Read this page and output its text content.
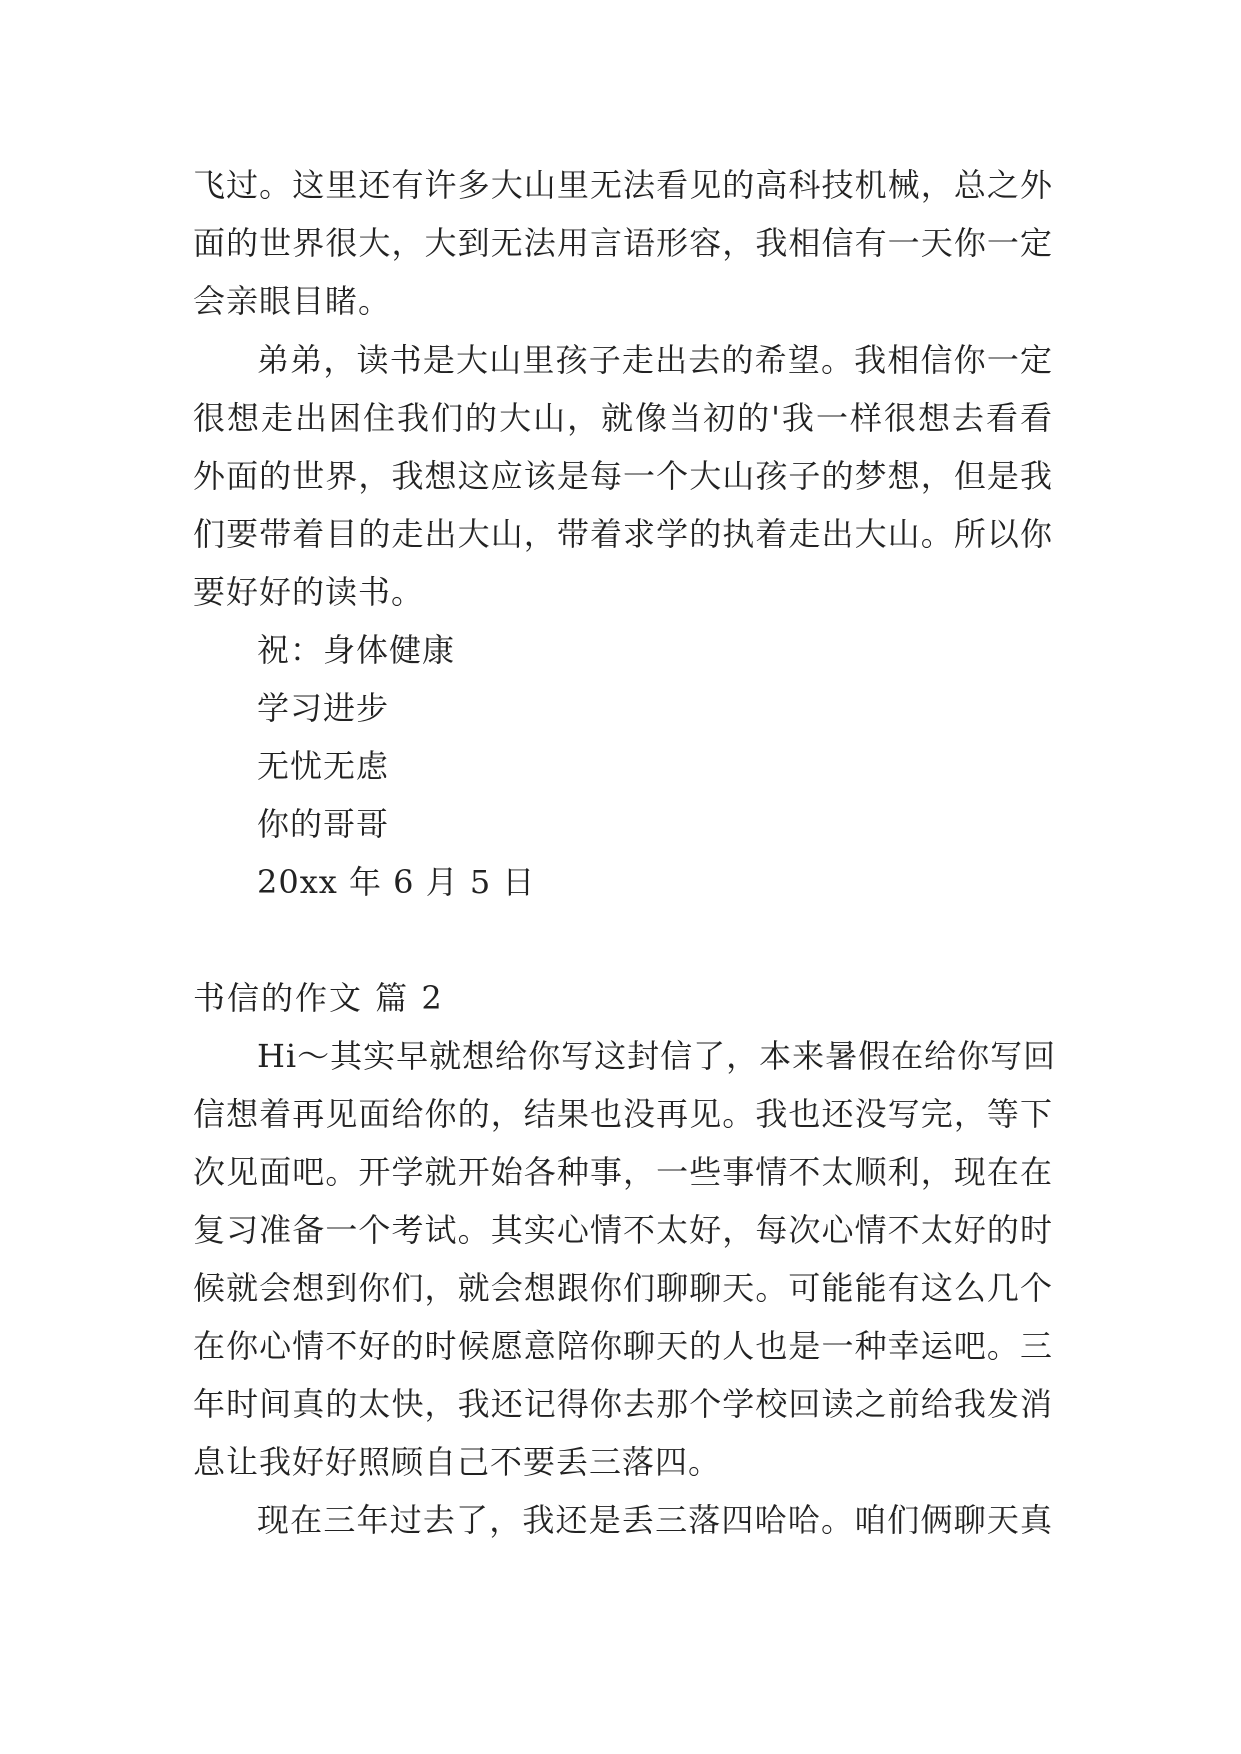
飞过。这里还有许多大山里无法看见的高科技机械，总之外
面的世界很大，大到无法用言语形容，我相信有一天你一定
会亲眼目睹。
弟弟，读书是大山里孩子走出去的希望。我相信你一定
很想走出困住我们的大山，就像当初的'我一样很想去看看
外面的世界，我想这应该是每一个大山孩子的梦想，但是我
们要带着目的走出大山，带着求学的执着走出大山。所以你
要好好的读书。
祝：身体健康
学习进步
无忧无虑
你的哥哥
20xx 年 6 月 5 日
书信的作文 篇 2
Hi～其实早就想给你写这封信了，本来暑假在给你写回
信想着再见面给你的，结果也没再见。我也还没写完，等下
次见面吧。开学就开始各种事，一些事情不太顺利，现在在
复习准备一个考试。其实心情不太好，每次心情不太好的时
候就会想到你们，就会想跟你们聊聊天。可能能有这么几个
在你心情不好的时候愿意陪你聊天的人也是一种幸运吧。三
年时间真的太快，我还记得你去那个学校回读之前给我发消
息让我好好照顾自己不要丢三落四。
现在三年过去了，我还是丢三落四哈哈。咱们俩聊天真
